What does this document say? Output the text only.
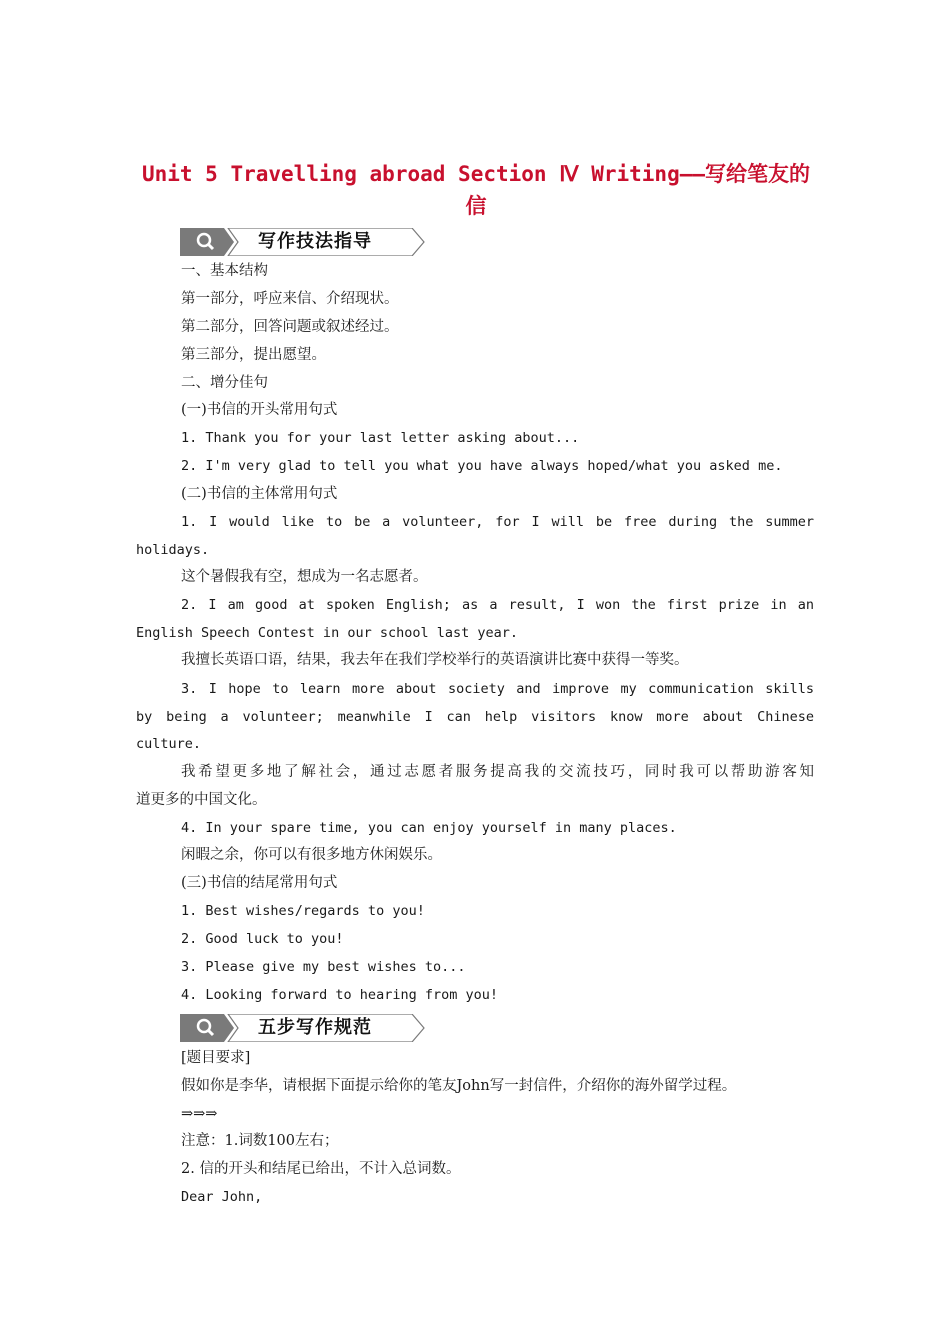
Unit 5 Travelling abroad Section Ⅳ Writing——写给笔友的信
写作技法指导
一、基本结构
第一部分，呼应来信、介绍现状。
第二部分，回答问题或叙述经过。
第三部分，提出愿望。
二、增分佳句
(一)书信的开头常用句式
1. Thank you for your last letter asking about...
2. I'm very glad to tell you what you have always hoped/what you asked me.
(二)书信的主体常用句式
1. I would like to be a volunteer, for I will be free during the summer
holidays.
这个暑假我有空，想成为一名志愿者。
2. I am good at spoken English; as a result, I won the first prize in an
English Speech Contest in our school last year.
我擅长英语口语，结果，我去年在我们学校举行的英语演讲比赛中获得一等奖。
3. I hope to learn more about society and improve my communication skills
by being a volunteer; meanwhile I can help visitors know more about Chinese
culture.
我希望更多地了解社会，通过志愿者服务提高我的交流技巧，同时我可以帮助游客知
道更多的中国文化。
4. In your spare time, you can enjoy yourself in many places.
闲暇之余，你可以有很多地方休闲娱乐。
(三)书信的结尾常用句式
1. Best wishes/regards to you!
2. Good luck to you!
3. Please give my best wishes to...
4. Looking forward to hearing from you!
五步写作规范
[题目要求]
假如你是李华，请根据下面提示给你的笔友John写一封信件，介绍你的海外留学过程。
⇒⇒⇒
注意：1.词数100左右；
2. 信的开头和结尾已给出，不计入总词数。
Dear John,
